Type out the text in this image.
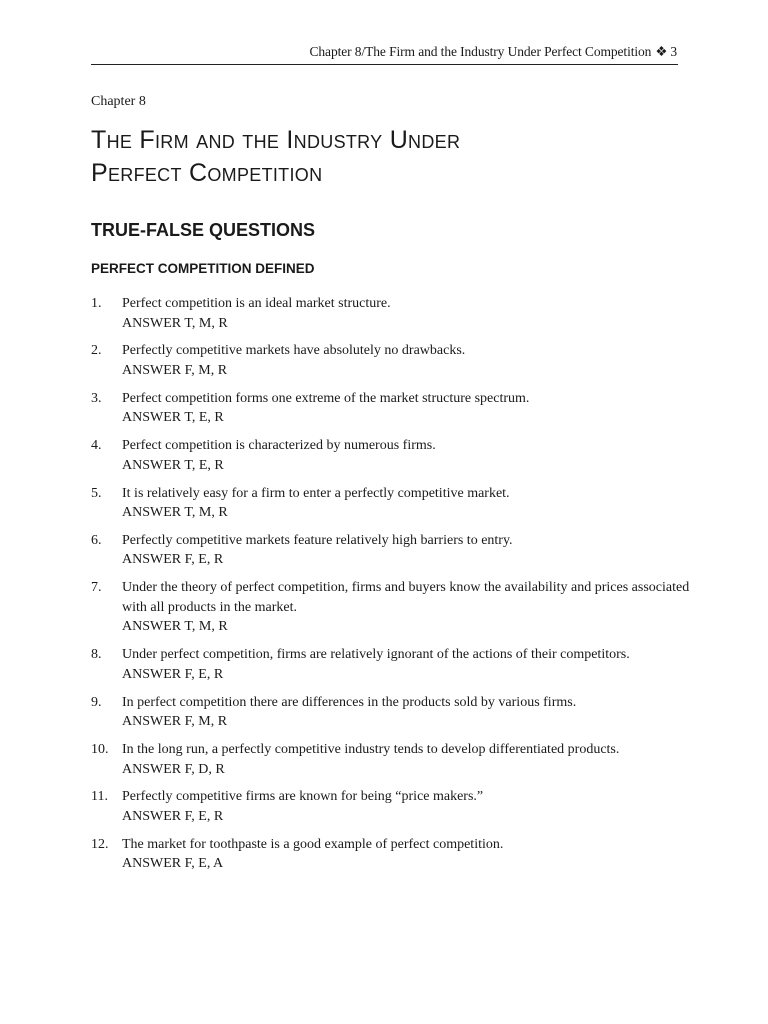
Chapter 8/The Firm and the Industry Under Perfect Competition ❖ 3
Chapter 8
The Firm and the Industry Under
Perfect Competition
TRUE-FALSE QUESTIONS
PERFECT COMPETITION DEFINED
1. Perfect competition is an ideal market structure.
ANSWER T, M, R
2. Perfectly competitive markets have absolutely no drawbacks.
ANSWER F, M, R
3. Perfect competition forms one extreme of the market structure spectrum.
ANSWER T, E, R
4. Perfect competition is characterized by numerous firms.
ANSWER T, E, R
5. It is relatively easy for a firm to enter a perfectly competitive market.
ANSWER T, M, R
6. Perfectly competitive markets feature relatively high barriers to entry.
ANSWER F, E, R
7. Under the theory of perfect competition, firms and buyers know the availability and prices associated with all products in the market.
ANSWER T, M, R
8. Under perfect competition, firms are relatively ignorant of the actions of their competitors.
ANSWER F, E, R
9. In perfect competition there are differences in the products sold by various firms.
ANSWER F, M, R
10. In the long run, a perfectly competitive industry tends to develop differentiated products.
ANSWER F, D, R
11. Perfectly competitive firms are known for being “price makers.”
ANSWER F, E, R
12. The market for toothpaste is a good example of perfect competition.
ANSWER F, E, A
